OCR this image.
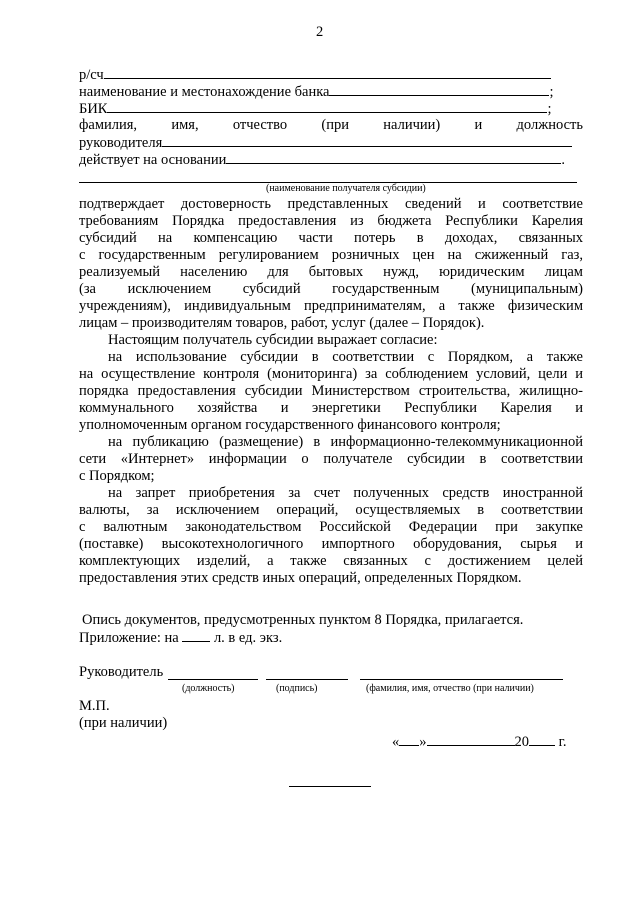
2
р/сч
наименование и местонахождение банка	;
БИК	;
фамилия, имя, отчество (при наличии) и должность
руководителя
действует на основании	.
(наименование получателя субсидии)
подтверждает достоверность представленных сведений и соответствие
требованиям Порядка предоставления из бюджета Республики Карелия
субсидий на компенсацию части потерь в доходах, связанных
с государственным регулированием розничных цен на сжиженный газ,
реализуемый населению для бытовых нужд, юридическим лицам
(за исключением субсидий государственным (муниципальным)
учреждениям), индивидуальным предпринимателям, а также физическим
лицам – производителям товаров, работ, услуг (далее – Порядок).
Настоящим получатель субсидии выражает согласие:
на использование субсидии в соответствии с Порядком, а также
на осуществление контроля (мониторинга) за соблюдением условий, цели и
порядка предоставления субсидии Министерством строительства, жилищно-
коммунального хозяйства и энергетики Республики Карелия и
уполномоченным органом государственного финансового контроля;
на публикацию (размещение) в информационно-телекоммуникационной
сети «Интернет» информации о получателе субсидии в соответствии
с Порядком;
на запрет приобретения за счет полученных средств иностранной
валюты, за исключением операций, осуществляемых в соответствии
с валютным законодательством Российской Федерации при закупке
(поставке) высокотехнологичного импортного оборудования, сырья и
комплектующих изделий, а также связанных с достижением целей
предоставления этих средств иных операций, определенных Порядком.
Опись документов, предусмотренных пунктом 8 Порядка, прилагается.
Приложение: на л. в ед. экз.
Руководитель
(должность)	(подпись)	(фамилия, имя, отчество (при наличии)
М.П.
(при наличии)
« »	20 г.
